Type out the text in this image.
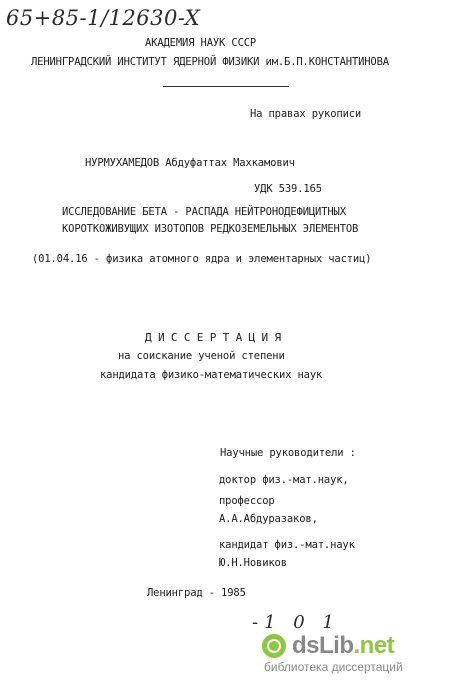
65+85-1/12630-X
АКАДЕМИЯ НАУК СССР
ЛЕНИНГРАДСКИЙ ИНСТИТУТ ЯДЕРНОЙ ФИЗИКИ им.Б.П.КОНСТАНТИНОВА
На правах рукописи
НУРМУХАМЕДОВ Абдуфаттах Махкамович
УДК 539.165
ИССЛЕДОВАНИЕ БЕТА - РАСПАДА НЕЙТРОНОДЕФИЦИТНЫХ
КОРОТКОЖИВУЩИХ ИЗОТОПОВ РЕДКОЗЕМЕЛЬНЫХ ЭЛЕМЕНТОВ
(01.04.16 - физика атомного ядра и элементарных частиц)
Д И С С Е Р Т А Ц И Я
на соискание ученой степени
кандидата физико-математических наук
Научные руководители :
доктор физ.-мат.наук,
профессор
А.А.Абдуразаков,
кандидат физ.-мат.наук
Ю.Н.Новиков
Ленинград - 1985
-1 0 1
dsLib.net
библиотека диссертаций
